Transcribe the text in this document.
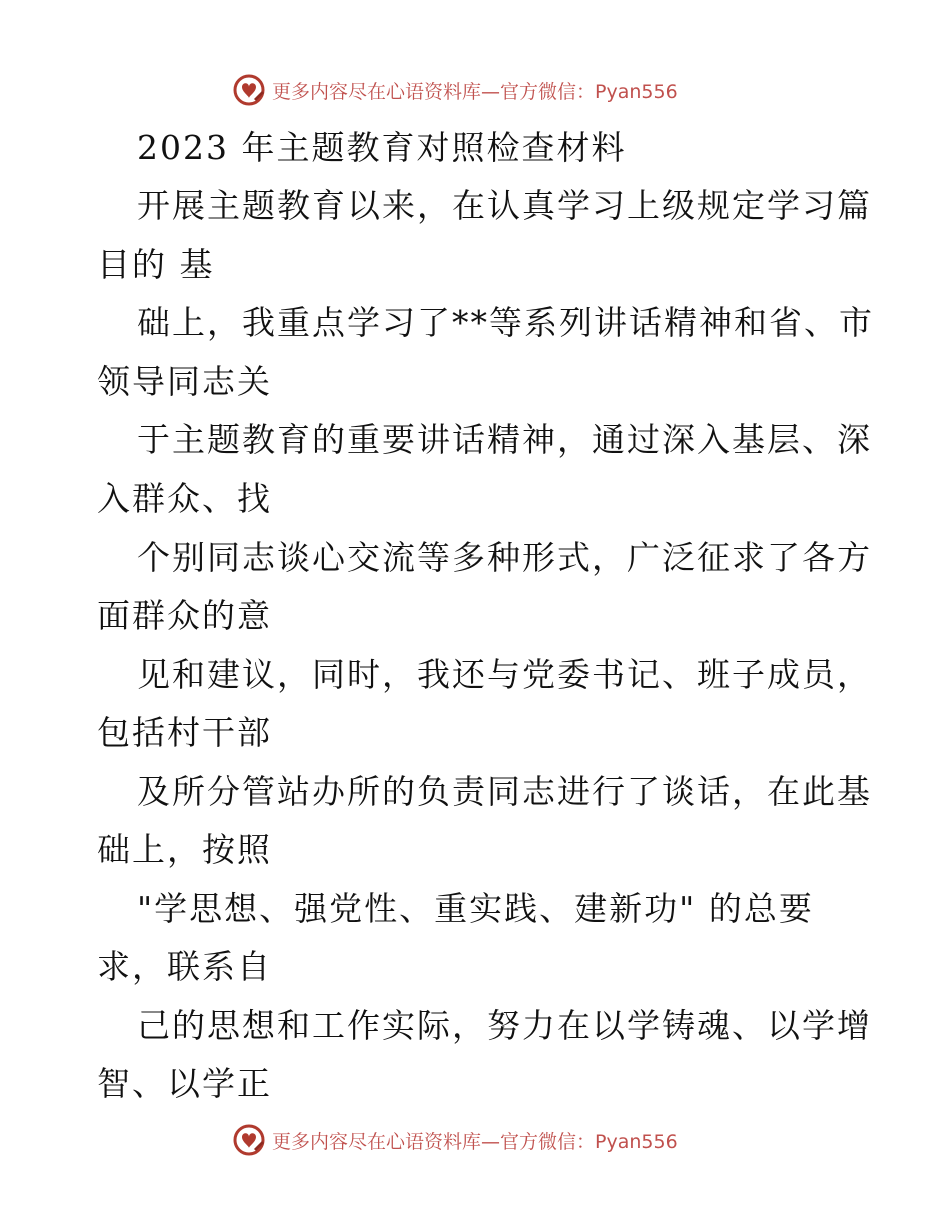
更多内容尽在心语资料库—官方微信：Pyan556
2023 年主题教育对照检查材料
开展主题教育以来，在认真学习上级规定学习篇
目的 基
础上，我重点学习了**等系列讲话精神和省、市
领导同志关
于主题教育的重要讲话精神，通过深入基层、深
入群众、找
个别同志谈心交流等多种形式，广泛征求了各方
面群众的意
见和建议，同时，我还与党委书记、班子成员，
包括村干部
及所分管站办所的负责同志进行了谈话，在此基
础上，按照
"学思想、强党性、重实践、建新功" 的总要
求，联系自
己的思想和工作实际，努力在以学铸魂、以学增
智、以学正
更多内容尽在心语资料库—官方微信：Pyan556
